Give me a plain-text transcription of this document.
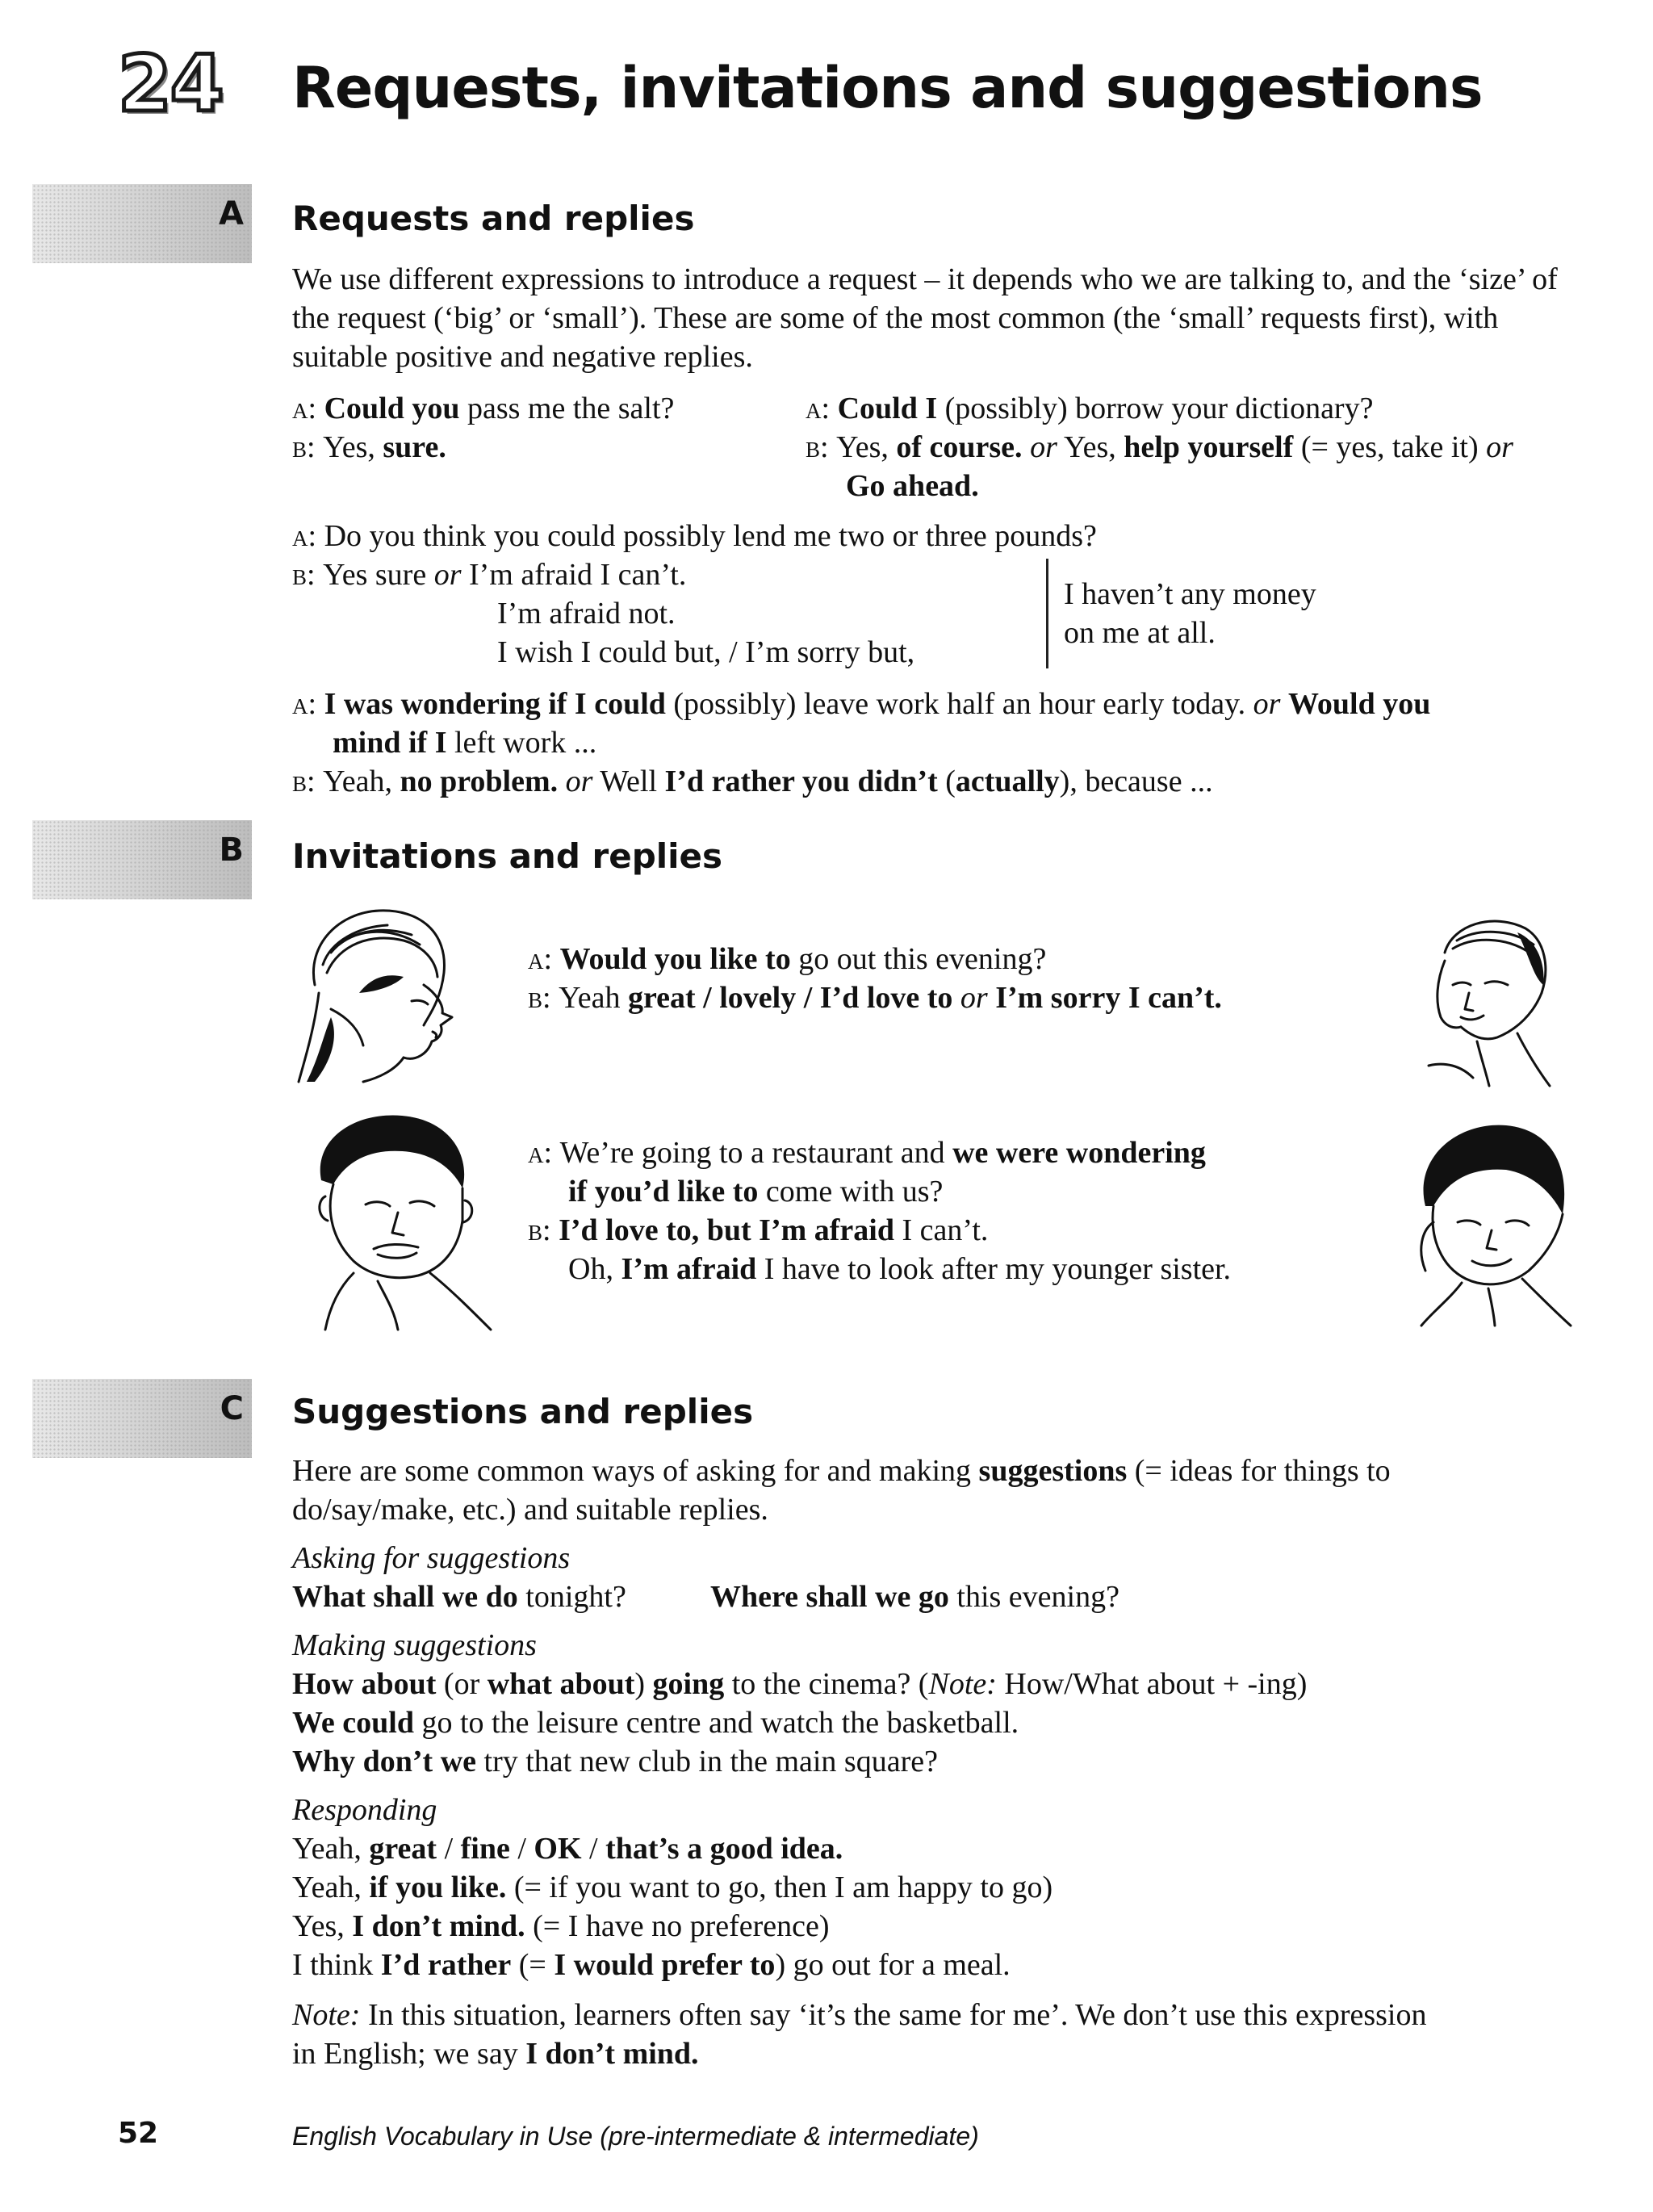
24 Requests, invitations and suggestions
A Requests and replies
We use different expressions to introduce a request – it depends who we are talking to, and the ‘size’ of the request (‘big’ or ‘small’). These are some of the most common (the ‘small’ requests first), with suitable positive and negative replies.
a: Could you pass me the salt?
b: Yes, sure.
a: Could I (possibly) borrow your dictionary?
b: Yes, of course. or Yes, help yourself (= yes, take it) or
Go ahead.
a: Do you think you could possibly lend me two or three pounds?
b: Yes sure or I’m afraid I can’t.
I’m afraid not.
I wish I could but, / I’m sorry but,
I haven’t any money
on me at all.
a: I was wondering if I could (possibly) leave work half an hour early today. or Would you
mind if I left work ...
b: Yeah, no problem. or Well I’d rather you didn’t (actually), because ...
B Invitations and replies
a: Would you like to go out this evening?
b: Yeah great / lovely / I’d love to or I’m sorry I can’t.
a: We’re going to a restaurant and we were wondering
if you’d like to come with us?
b: I’d love to, but I’m afraid I can’t.
Oh, I’m afraid I have to look after my younger sister.
C Suggestions and replies
Here are some common ways of asking for and making suggestions (= ideas for things to
do/say/make, etc.) and suitable replies.
Asking for suggestions
What shall we do tonight?	Where shall we go this evening?
Making suggestions
How about (or what about) going to the cinema? (Note: How/What about + -ing)
We could go to the leisure centre and watch the basketball.
Why don’t we try that new club in the main square?
Responding
Yeah, great / fine / OK / that’s a good idea.
Yeah, if you like. (= if you want to go, then I am happy to go)
Yes, I don’t mind. (= I have no preference)
I think I’d rather (= I would prefer to) go out for a meal.
Note: In this situation, learners often say ‘it’s the same for me’. We don’t use this expression
in English; we say I don’t mind.
52	English Vocabulary in Use (pre-intermediate & intermediate)
